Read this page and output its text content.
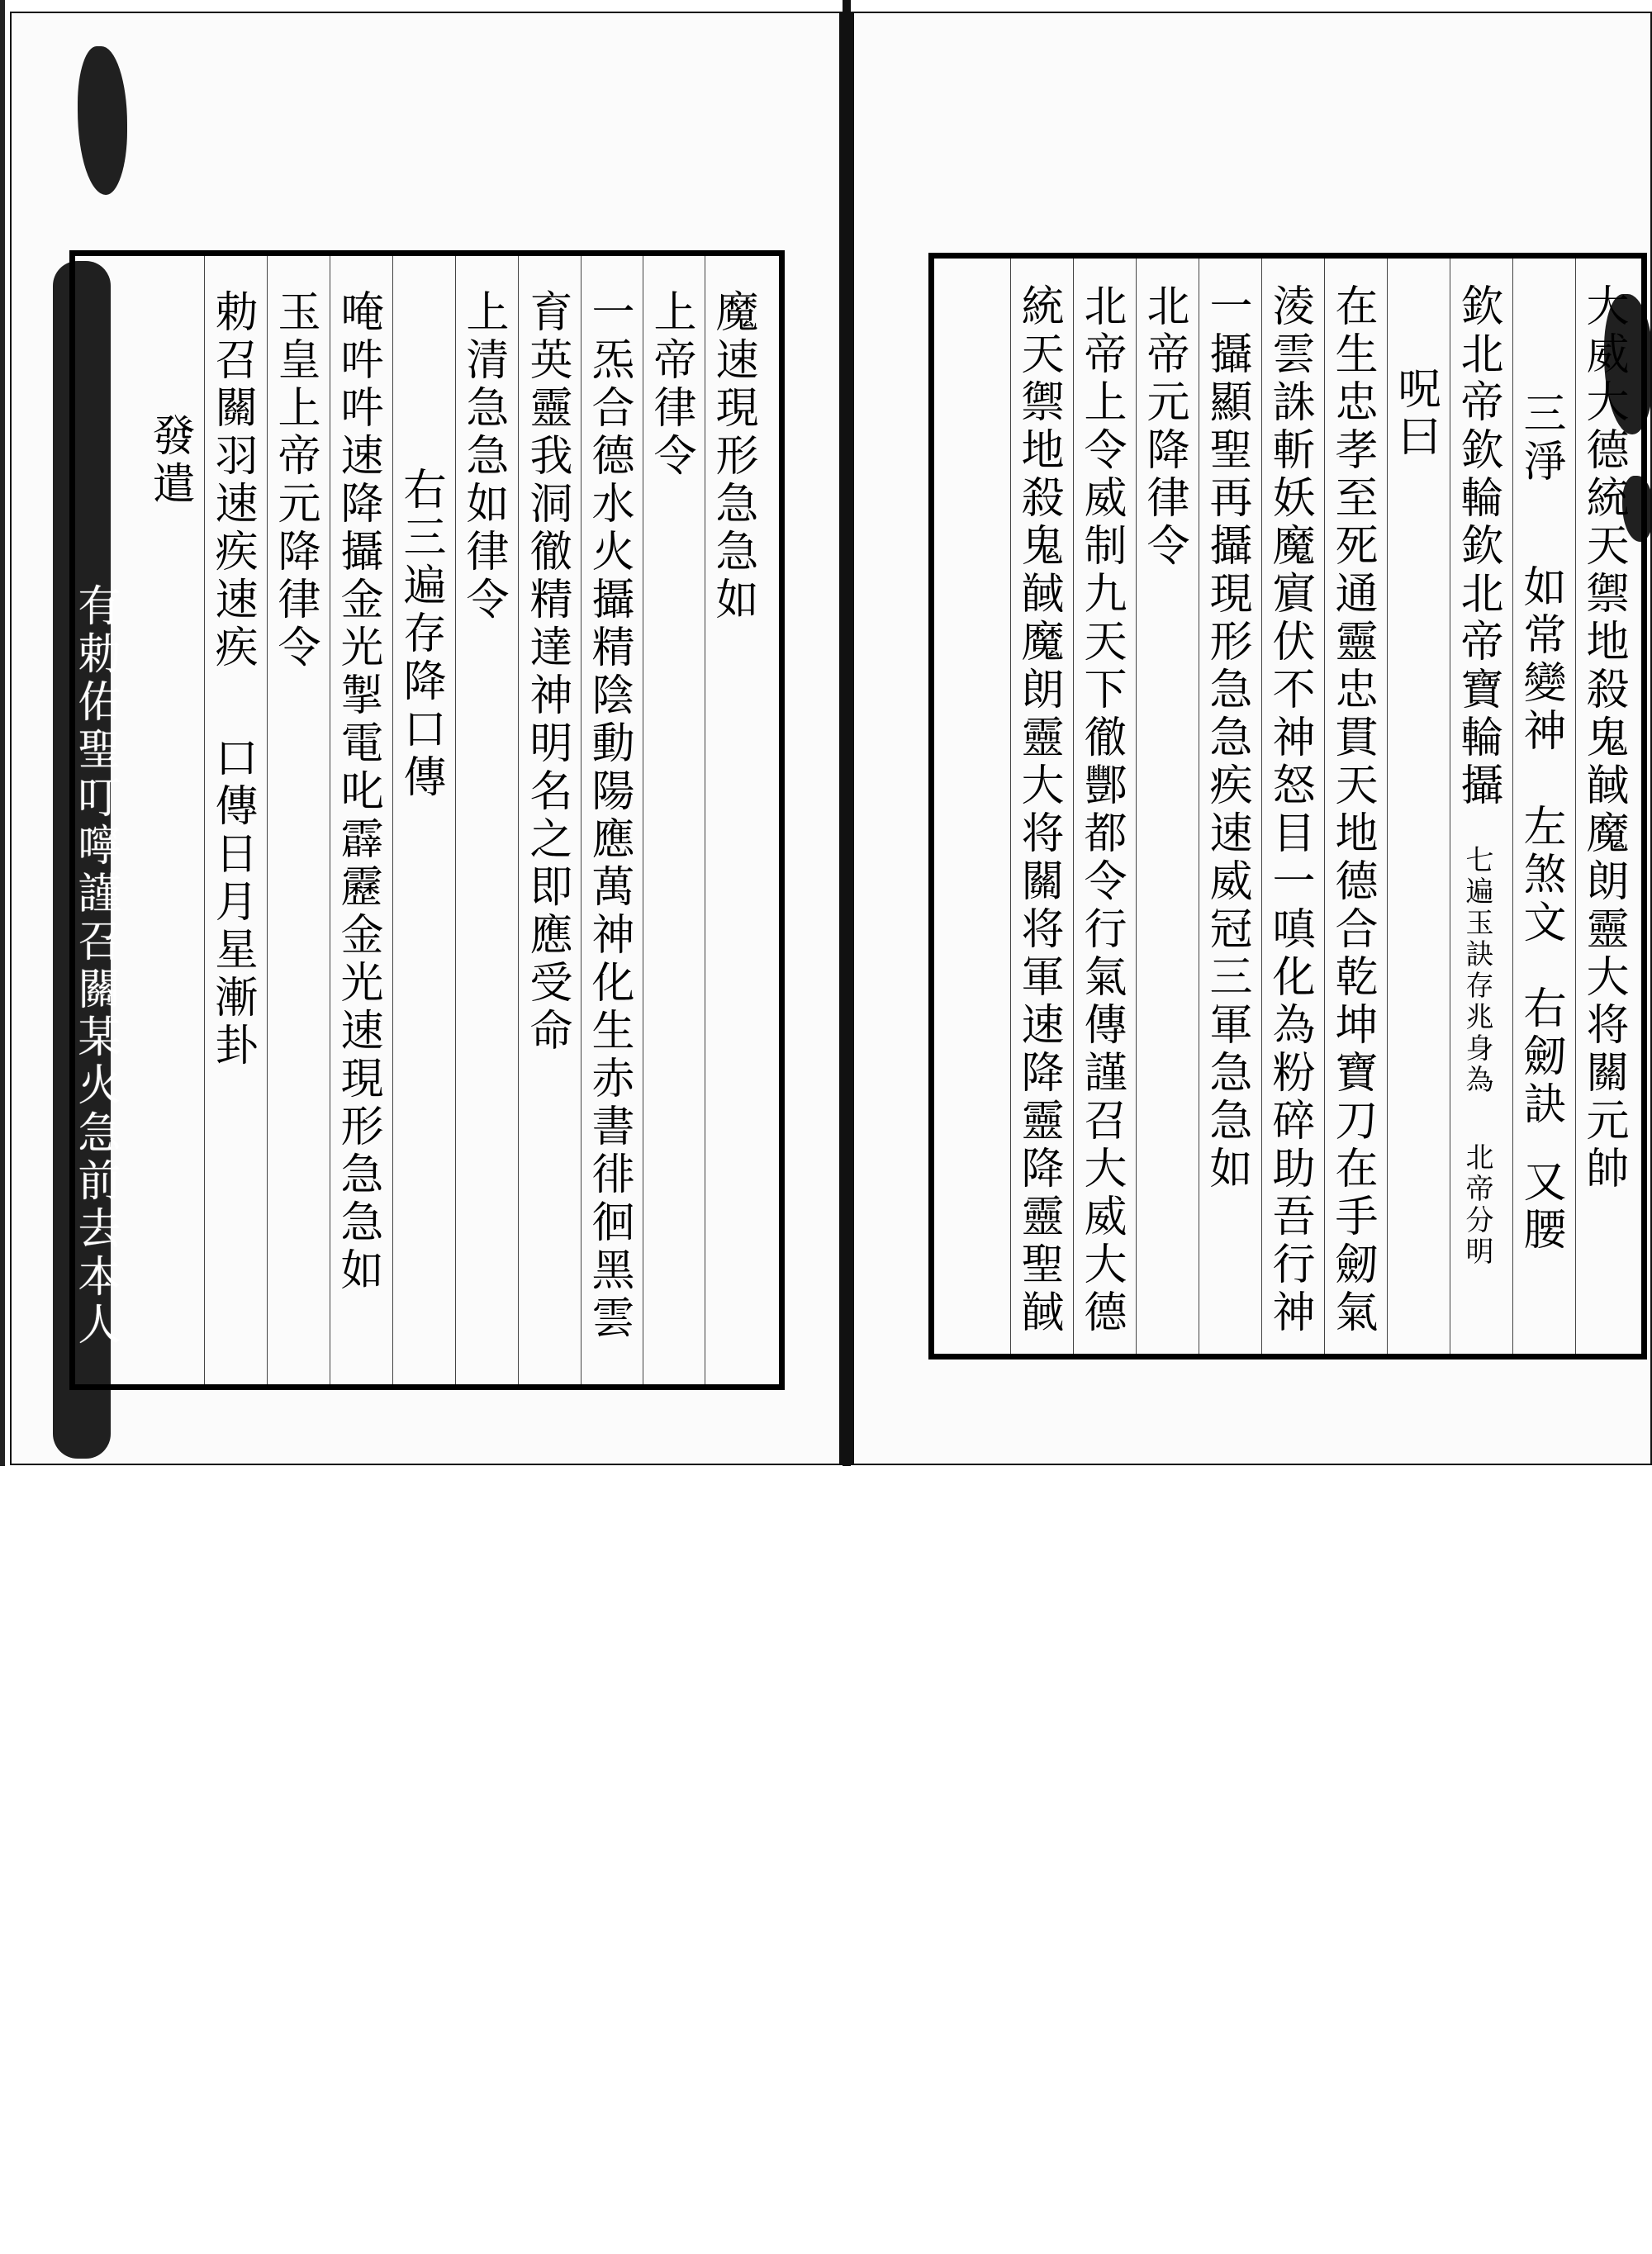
有勅佑聖叮嚀謹召關某火急前去本人
魔速現形急急如
上帝律令
一炁合德水火攝精陰動陽應萬神化生赤書徘徊黑雲
育英靈我洞徹精達神明名之即應受命
上清急急如律令
右三遍存降口傳
唵吽吽速降攝金光掣電叱霹靂金光速現形急急如
玉皇上帝元降律令
勅召關羽速疾速疾
口傳日月星漸卦
發遣	大威大德統天禦地殺鬼馘魔朗靈大将關元帥
三淨
如常變神
左煞文
右劒訣
又腰
欽北帝欽輪欽北帝寶輪攝
七遍玉訣存兆身為
北帝分明
呪曰
在生忠孝至死通靈忠貫天地德合乾坤寶刀在手劒氣
淩雲誅斬妖魔賔伏不神怒目一嗔化為粉碎助吾行神
一攝顯聖再攝現形急急疾速威冠三軍急急如
北帝元降律令
北帝上令威制九天下徹酆都令行氣傳謹召大威大德
統天禦地殺鬼馘魔朗靈大将關将軍速降靈降靈聖馘
